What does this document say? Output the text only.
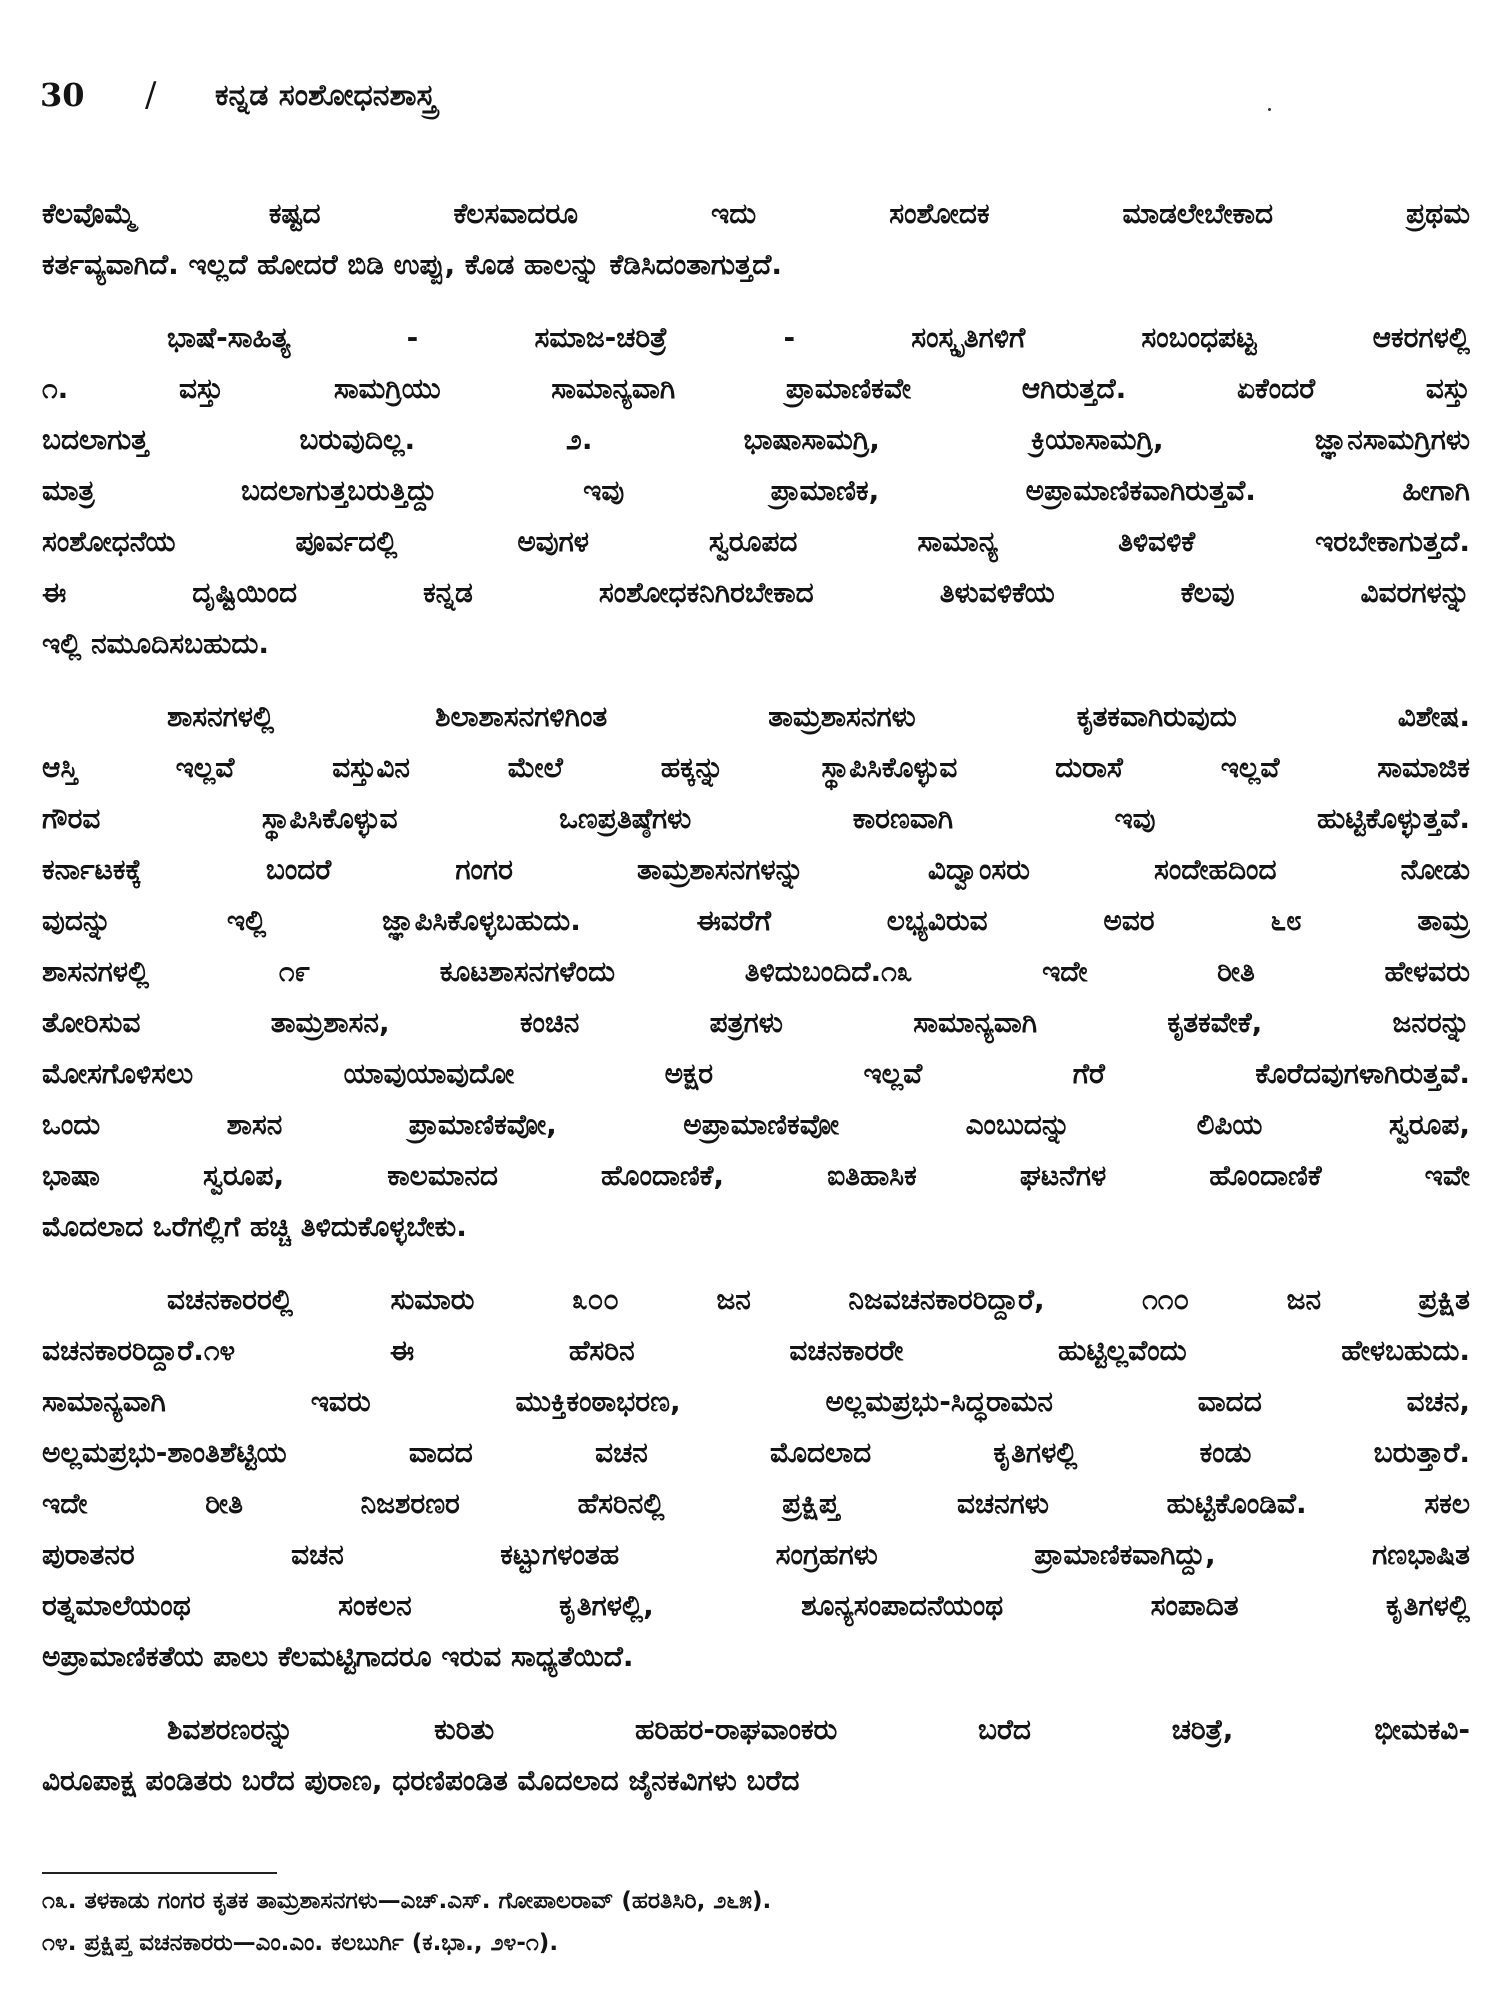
30	/	ಕನ್ನಡ ಸಂಶೋಧನಶಾಸ್ತ್ರ
ಕೆಲವೊಮ್ಮೆ ಕಷ್ಟದ ಕೆಲಸವಾದರೂ ಇದು ಸಂಶೋದಕ ಮಾಡಲೇಬೇಕಾದ ಪ್ರಥಮ
ಕರ್ತವ್ಯವಾಗಿದೆ. ಇಲ್ಲದೆ ಹೋದರೆ ಬಿಡಿ ಉಪ್ಪು, ಕೊಡ ಹಾಲನ್ನು ಕೆಡಿಸಿದಂತಾಗುತ್ತದೆ.
ಭಾಷೆ-ಸಾಹಿತ್ಯ - ಸಮಾಜ-ಚರಿತ್ರೆ - ಸಂಸ್ಕೃತಿಗಳಿಗೆ ಸಂಬಂಧಪಟ್ಟ ಆಕರಗಳಲ್ಲಿ
೧. ವಸ್ತು ಸಾಮಗ್ರಿಯು ಸಾಮಾನ್ಯವಾಗಿ ಪ್ರಾಮಾಣಿಕವೇ ಆಗಿರುತ್ತದೆ. ಏಕೆಂದರೆ ವಸ್ತು
ಬದಲಾಗುತ್ತ ಬರುವುದಿಲ್ಲ. ೨. ಭಾಷಾಸಾಮಗ್ರಿ, ಕ್ರಿಯಾಸಾಮಗ್ರಿ, ಜ್ಞಾನಸಾಮಗ್ರಿಗಳು
ಮಾತ್ರ ಬದಲಾಗುತ್ತಬರುತ್ತಿದ್ದು ಇವು ಪ್ರಾಮಾಣಿಕ, ಅಪ್ರಾಮಾಣಿಕವಾಗಿರುತ್ತವೆ. ಹೀಗಾಗಿ
ಸಂಶೋಧನೆಯ ಪೂರ್ವದಲ್ಲಿ ಅವುಗಳ ಸ್ವರೂಪದ ಸಾಮಾನ್ಯ ತಿಳಿವಳಿಕೆ ಇರಬೇಕಾಗುತ್ತದೆ.
ಈ ದೃಷ್ಟಿಯಿಂದ ಕನ್ನಡ ಸಂಶೋಧಕನಿಗಿರಬೇಕಾದ ತಿಳುವಳಿಕೆಯ ಕೆಲವು ವಿವರಗಳನ್ನು
ಇಲ್ಲಿ ನಮೂದಿಸಬಹುದು.
ಶಾಸನಗಳಲ್ಲಿ ಶಿಲಾಶಾಸನಗಳಿಗಿಂತ ತಾಮ್ರಶಾಸನಗಳು ಕೃತಕವಾಗಿರುವುದು ವಿಶೇಷ.
ಆಸ್ತಿ ಇಲ್ಲವೆ ವಸ್ತುವಿನ ಮೇಲೆ ಹಕ್ಕನ್ನು ಸ್ಥಾಪಿಸಿಕೊಳ್ಳುವ ದುರಾಸೆ ಇಲ್ಲವೆ ಸಾಮಾಜಿಕ
ಗೌರವ ಸ್ಥಾಪಿಸಿಕೊಳ್ಳುವ ಒಣಪ್ರತಿಷ್ಠೆಗಳು ಕಾರಣವಾಗಿ ಇವು ಹುಟ್ಟಿಕೊಳ್ಳುತ್ತವೆ.
ಕರ್ನಾಟಕಕ್ಕೆ ಬಂದರೆ ಗಂಗರ ತಾಮ್ರಶಾಸನಗಳನ್ನು ವಿದ್ವಾಂಸರು ಸಂದೇಹದಿಂದ ನೋಡು
ವುದನ್ನು ಇಲ್ಲಿ ಜ್ಞಾಪಿಸಿಕೊಳ್ಳಬಹುದು. ಈವರೆಗೆ ಲಭ್ಯವಿರುವ ಅವರ ೬೮ ತಾಮ್ರ
ಶಾಸನಗಳಲ್ಲಿ ೧೯ ಕೂಟಶಾಸನಗಳೆಂದು ತಿಳಿದುಬಂದಿದೆ.೧೩ ಇದೇ ರೀತಿ ಹೇಳವರು
ತೋರಿಸುವ ತಾಮ್ರಶಾಸನ, ಕಂಚಿನ ಪತ್ರಗಳು ಸಾಮಾನ್ಯವಾಗಿ ಕೃತಕವೇಕೆ, ಜನರನ್ನು
ಮೋಸಗೊಳಿಸಲು ಯಾವುಯಾವುದೋ ಅಕ್ಷರ ಇಲ್ಲವೆ ಗೆರೆ ಕೊರೆದವುಗಳಾಗಿರುತ್ತವೆ.
ಒಂದು ಶಾಸನ ಪ್ರಾಮಾಣಿಕವೋ, ಅಪ್ರಾಮಾಣಿಕವೋ ಎಂಬುದನ್ನು ಲಿಪಿಯ ಸ್ವರೂಪ,
ಭಾಷಾ ಸ್ವರೂಪ, ಕಾಲಮಾನದ ಹೊಂದಾಣಿಕೆ, ಐತಿಹಾಸಿಕ ಘಟನೆಗಳ ಹೊಂದಾಣಿಕೆ ಇವೇ
ಮೊದಲಾದ ಒರೆಗಲ್ಲಿಗೆ ಹಚ್ಚಿ ತಿಳಿದುಕೊಳ್ಳಬೇಕು.
ವಚನಕಾರರಲ್ಲಿ ಸುಮಾರು ೩೦೦ ಜನ ನಿಜವಚನಕಾರರಿದ್ದಾರೆ, ೧೧೦ ಜನ ಪ್ರಕ್ಷಿತ
ವಚನಕಾರರಿದ್ದಾರೆ.೧೪ ಈ ಹೆಸರಿನ ವಚನಕಾರರೇ ಹುಟ್ಟಿಲ್ಲವೆಂದು ಹೇಳಬಹುದು.
ಸಾಮಾನ್ಯವಾಗಿ ಇವರು ಮುಕ್ತಿಕಂಠಾಭರಣ, ಅಲ್ಲಮಪ್ರಭು-ಸಿದ್ಧರಾಮನ ವಾದದ ವಚನ,
ಅಲ್ಲಮಪ್ರಭು-ಶಾಂತಿಶೆಟ್ಟಿಯ ವಾದದ ವಚನ ಮೊದಲಾದ ಕೃತಿಗಳಲ್ಲಿ ಕಂಡು ಬರುತ್ತಾರೆ.
ಇದೇ ರೀತಿ ನಿಜಶರಣರ ಹೆಸರಿನಲ್ಲಿ ಪ್ರಕ್ಷಿಪ್ತ ವಚನಗಳು ಹುಟ್ಟಿಕೊಂಡಿವೆ. ಸಕಲ
ಪುರಾತನರ ವಚನ ಕಟ್ಟುಗಳಂತಹ ಸಂಗ್ರಹಗಳು ಪ್ರಾಮಾಣಿಕವಾಗಿದ್ದು, ಗಣಭಾಷಿತ
ರತ್ನಮಾಲೆಯಂಥ ಸಂಕಲನ ಕೃತಿಗಳಲ್ಲಿ, ಶೂನ್ಯಸಂಪಾದನೆಯಂಥ ಸಂಪಾದಿತ ಕೃತಿಗಳಲ್ಲಿ
ಅಪ್ರಾಮಾಣಿಕತೆಯ ಪಾಲು ಕೆಲಮಟ್ಟಿಗಾದರೂ ಇರುವ ಸಾಧ್ಯತೆಯಿದೆ.
ಶಿವಶರಣರನ್ನು ಕುರಿತು ಹರಿಹರ-ರಾಘವಾಂಕರು ಬರೆದ ಚರಿತ್ರೆ, ಭೀಮಕವಿ-
ವಿರೂಪಾಕ್ಷ ಪಂಡಿತರು ಬರೆದ ಪುರಾಣ, ಧರಣಿಪಂಡಿತ ಮೊದಲಾದ ಜೈನಕವಿಗಳು ಬರೆದ
೧೩. ತಳಕಾಡು ಗಂಗರ ಕೃತಕ ತಾಮ್ರಶಾಸನಗಳು—ಎಚ್.ಎಸ್. ಗೋಪಾಲರಾವ್ (ಹರತಿಸಿರಿ, ೨೬೫).
೧೪. ಪ್ರಕ್ಷಿಪ್ತ ವಚನಕಾರರು—ಎಂ.ಎಂ. ಕಲಬುರ್ಗಿ (ಕ.ಭಾ., ೨೪-೧).
